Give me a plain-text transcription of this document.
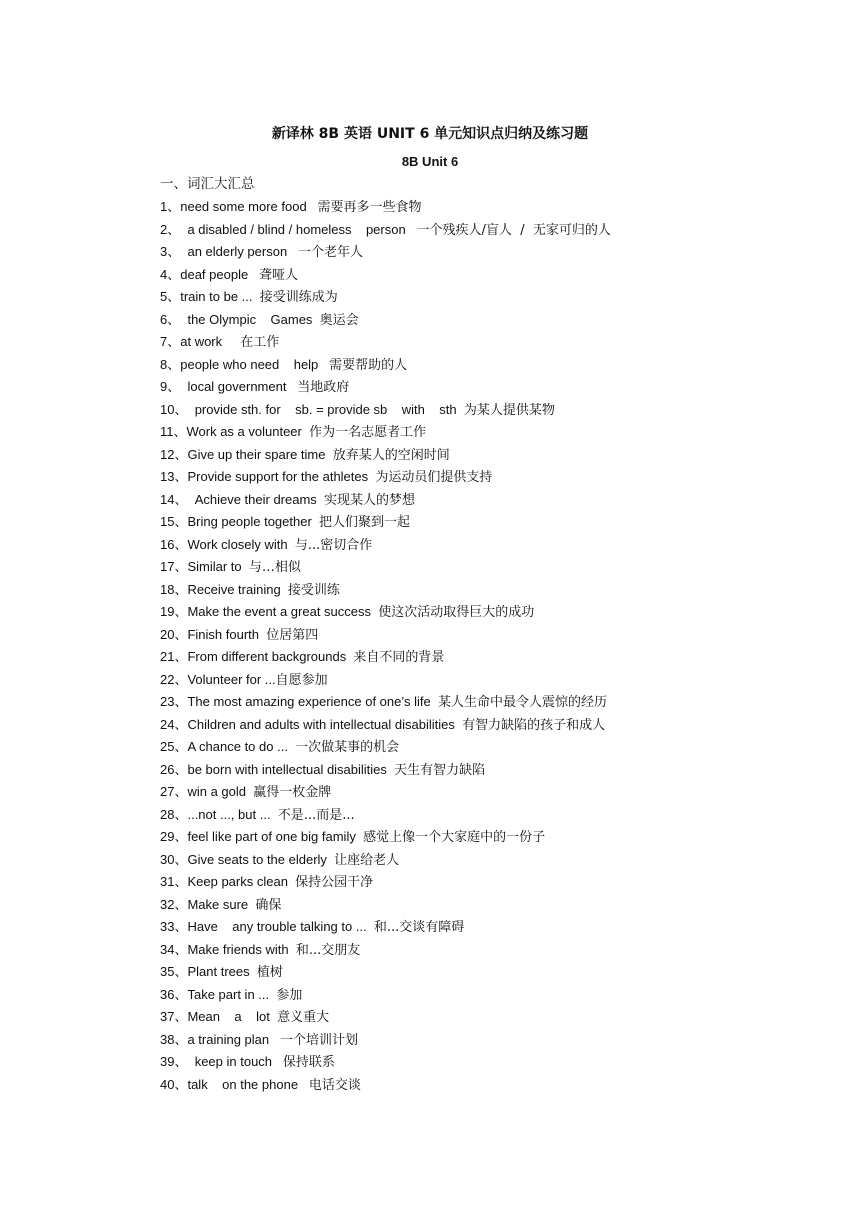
新译林 8B 英语 UNIT 6 单元知识点归纳及练习题
8B Unit 6
一、词汇大汇总
1、need some more food   需要再多一些食物
2、  a disabled / blind / homeless    person   一个残疾人/盲人  /  无家可归的人
3、  an elderly person   一个老年人
4、deaf people   聋哑人
5、train to be ...  接受训练成为
6、  the Olympic    Games  奥运会
7、at work     在工作
8、people who need    help   需要帮助的人
9、  local government   当地政府
10、  provide sth. for    sb. = provide sb    with    sth  为某人提供某物
11、Work as a volunteer  作为一名志愿者工作
12、Give up their spare time  放弃某人的空闲时间
13、Provide support for the athletes  为运动员们提供支持
14、  Achieve their dreams  实现某人的梦想
15、Bring people together  把人们聚到一起
16、Work closely with  与...密切合作
17、Similar to  与…相似
18、Receive training  接受训练
19、Make the event a great success  使这次活动取得巨大的成功
20、Finish fourth  位居第四
21、From different backgrounds  来自不同的背景
22、Volunteer for ...自愿参加
23、The most amazing experience of one’s life  某人生命中最令人震惊的经历
24、Children and adults with intellectual disabilities  有智力缺陷的孩子和成人
25、A chance to do ...  一次做某事的机会
26、be born with intellectual disabilities  天生有智力缺陷
27、win a gold  赢得一枚金牌
28、...not ..., but ...  不是...而是...
29、feel like part of one big family  感觉上像一个大家庭中的一份子
30、Give seats to the elderly  让座给老人
31、Keep parks clean  保持公园干净
32、Make sure  确保
33、Have    any trouble talking to ...  和...交谈有障碍
34、Make friends with  和...交朋友
35、Plant trees  植树
36、Take part in ...  参加
37、Mean    a    lot  意义重大
38、a training plan   一个培训计划
39、  keep in touch   保持联系
40、talk    on the phone   电话交谈
